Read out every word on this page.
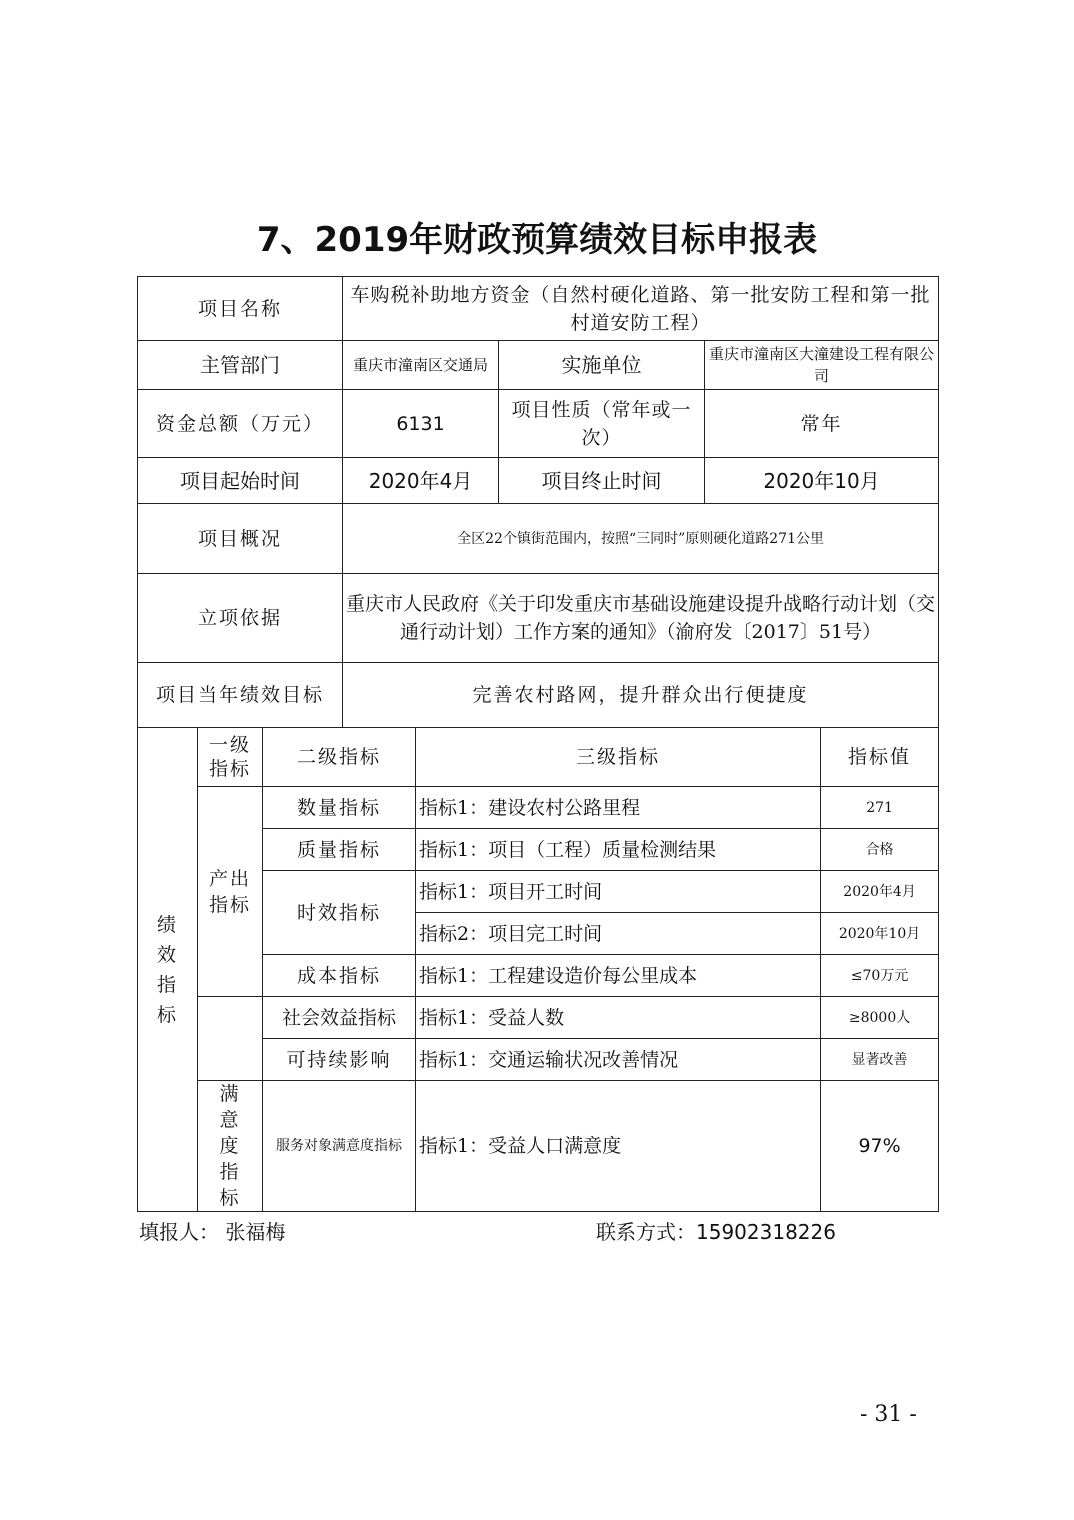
7、2019年财政预算绩效目标申报表
项目名称			车购税补助地方资金（自然村硬化道路、第一批安防工程和第一批村道安防工程）				
主管部门			重庆市潼南区交通局		实施单位	重庆市潼南区大潼建设工程有限公司	
资金总额（万元）			6131		项目性质（常年或一次）	常年	
项目起始时间			2020年4月		项目终止时间	2020年10月	
项目概况			全区22个镇街范围内，按照“三同时”原则硬化道路271公里				
立项依据			重庆市人民政府《关于印发重庆市基础设施建设提升战略行动计划（交通行动计划）工作方案的通知》（渝府发〔2017〕51号）				
项目当年绩效目标			完善农村路网，提升群众出行便捷度				
绩效指标	一级指标	二级指标		三级指标			指标值
	产出指标	数量指标		指标1：建设农村公路里程			271
		质量指标		指标1：项目（工程）质量检测结果			合格
		时效指标		指标1：项目开工时间			2020年4月
				指标2：项目完工时间			2020年10月
		成本指标		指标1：工程建设造价每公里成本			≤70万元
		社会效益指标		指标1：受益人数			≥8000人
		可持续影响		指标1：交通运输状况改善情况			显著改善
	满意度指标	服务对象满意度指标		指标1：受益人口满意度			97%
填报人： 张福梅	联系方式：15902318226
- 31 -
